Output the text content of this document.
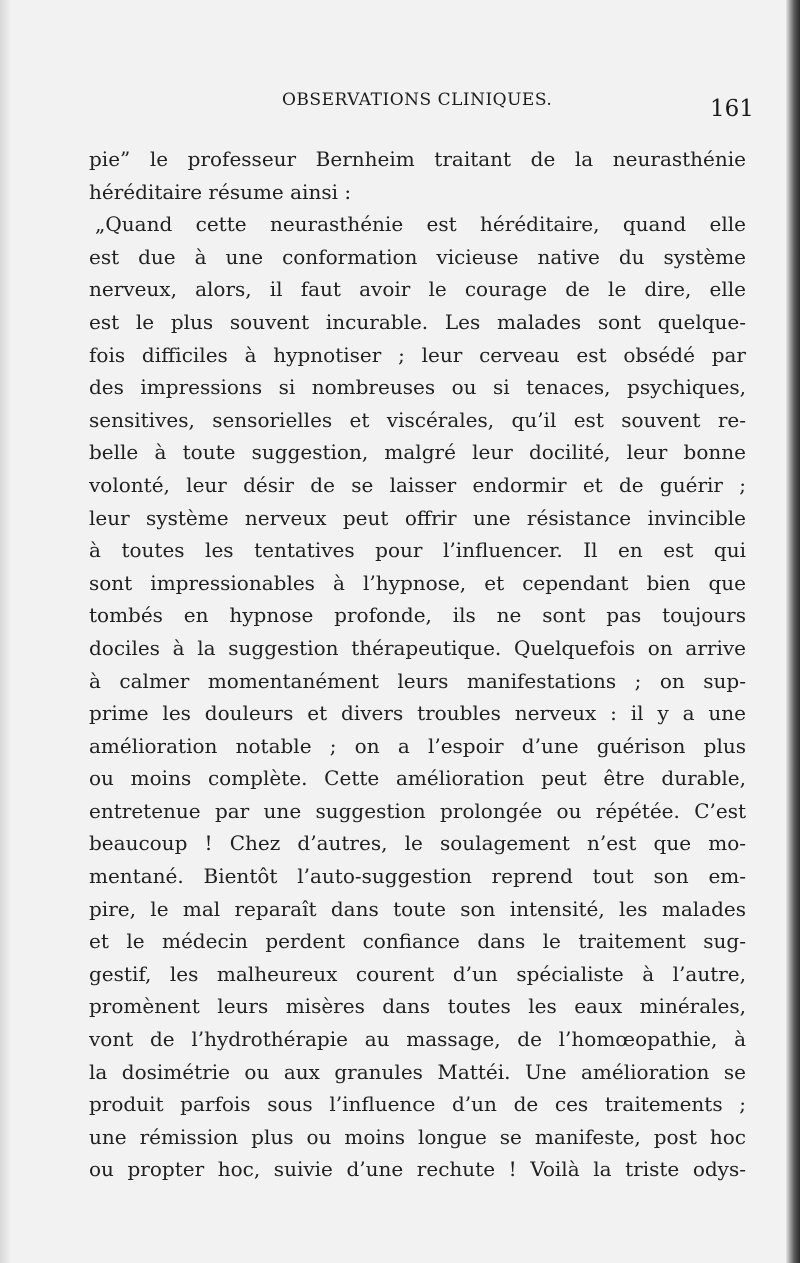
OBSERVATIONS CLINIQUES.	161
pie” le professeur Bernheim traitant de la neurasthénie
héréditaire résume ainsi :
„Quand cette neurasthénie est héréditaire, quand elle
est due à une conformation vicieuse native du système
nerveux, alors, il faut avoir le courage de le dire, elle
est le plus souvent incurable. Les malades sont quelque-
fois difficiles à hypnotiser ; leur cerveau est obsédé par
des impressions si nombreuses ou si tenaces, psychiques,
sensitives, sensorielles et viscérales, qu’il est souvent re-
belle à toute suggestion, malgré leur docilité, leur bonne
volonté, leur désir de se laisser endormir et de guérir ;
leur système nerveux peut offrir une résistance invincible
à toutes les tentatives pour l’influencer. Il en est qui
sont impressionables à l’hypnose, et cependant bien que
tombés en hypnose profonde, ils ne sont pas toujours
dociles à la suggestion thérapeutique. Quelquefois on arrive
à calmer momentanément leurs manifestations ; on sup-
prime les douleurs et divers troubles nerveux : il y a une
amélioration notable ; on a l’espoir d’une guérison plus
ou moins complète. Cette amélioration peut être durable,
entretenue par une suggestion prolongée ou répétée. C’est
beaucoup ! Chez d’autres, le soulagement n’est que mo-
mentané. Bientôt l’auto-suggestion reprend tout son em-
pire, le mal reparaît dans toute son intensité, les malades
et le médecin perdent confiance dans le traitement sug-
gestif, les malheureux courent d’un spécialiste à l’autre,
promènent leurs misères dans toutes les eaux minérales,
vont de l’hydrothérapie au massage, de l’homœopathie, à
la dosimétrie ou aux granules Mattéi. Une amélioration se
produit parfois sous l’influence d’un de ces traitements ;
une rémission plus ou moins longue se manifeste, post hoc
ou propter hoc, suivie d’une rechute ! Voilà la triste odys-
